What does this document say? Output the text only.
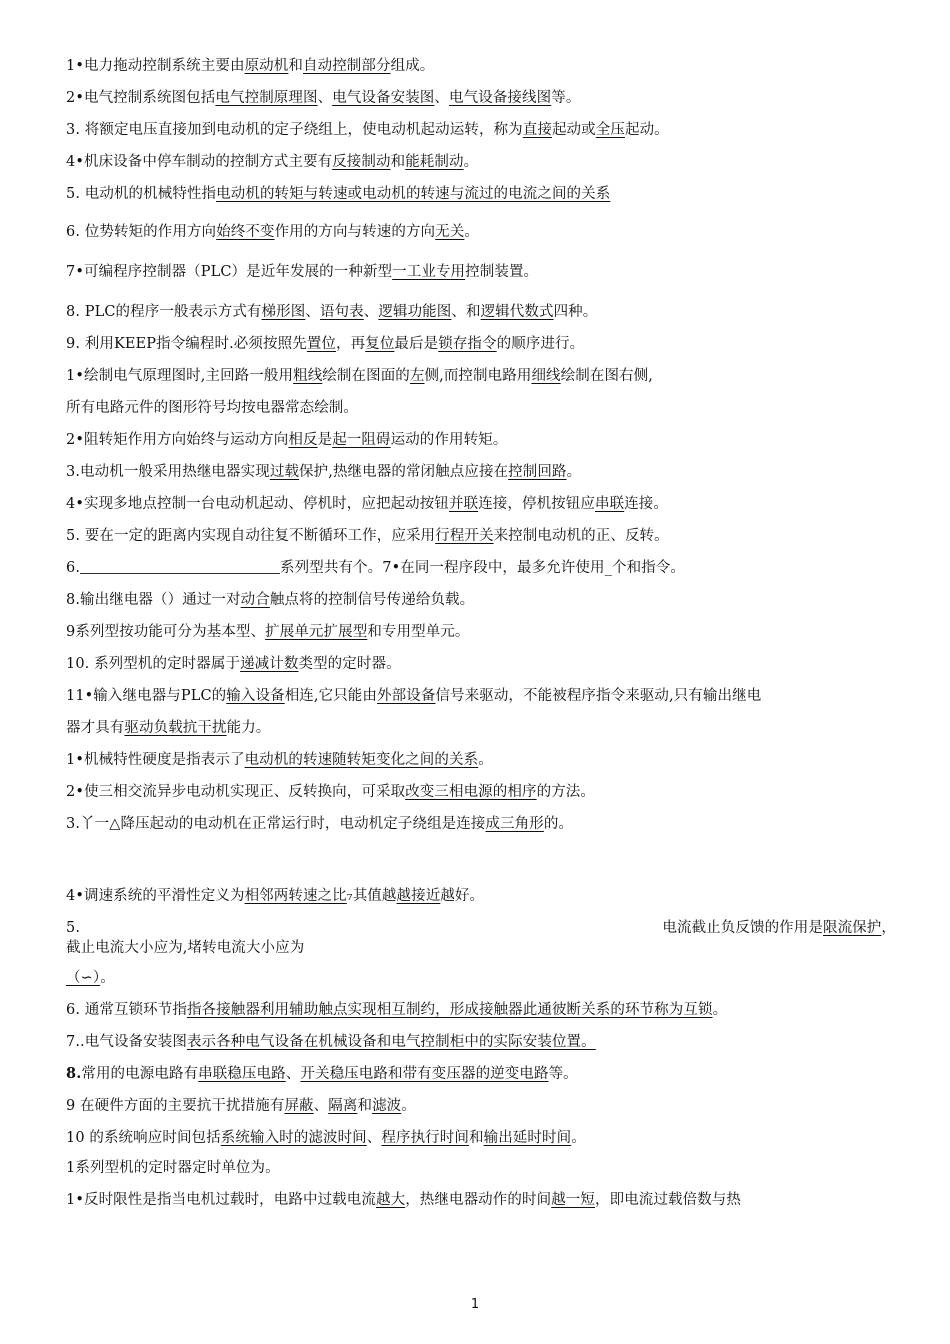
1•电力拖动控制系统主要由原动机和自动控制部分组成。
2•电气控制系统图包括电气控制原理图、电气设备安装图、电气设备接线图等。
3. 将额定电压直接加到电动机的定子绕组上，使电动机起动运转，称为直接起动或全压起动。
4•机床设备中停车制动的控制方式主要有反接制动和能耗制动。
5. 电动机的机械特性指电动机的转矩与转速或电动机的转速与流过的电流之间的关系
6. 位势转矩的作用方向始终不变作用的方向与转速的方向无关。
7•可编程序控制器（PLC）是近年发展的一种新型一工业专用控制装置。
8. PLC的程序一般表示方式有梯形图、语句表、逻辑功能图、和逻辑代数式四种。
9. 利用KEEP指令编程时.必须按照先置位，再复位最后是锁存指令的顺序进行。
1•绘制电气原理图时,主回路一般用粗线绘制在图面的左侧,而控制电路用细线绘制在图右侧,
所有电路元件的图形符号均按电器常态绘制。
2•阻转矩作用方向始终与运动方向相反是起一阻碍运动的作用转矩。
3.电动机一般采用热继电器实现过载保护,热继电器的常闭触点应接在控制回路。
4•实现多地点控制一台电动机起动、停机时，应把起动按钮并联连接，停机按钮应串联连接。
5. 要在一定的距离内实现自动往复不断循环工作，应采用行程开关来控制电动机的正、反转。
6.	系列型共有个。7•在同一程序段中，最多允许使用_个和指令。
8.输出继电器（）通过一对动合触点将的控制信号传递给负载。
9系列型按功能可分为基本型、扩展单元扩展型和专用型单元。
10. 系列型机的定时器属于递减计数类型的定时器。
11•输入继电器与PLC的输入设备相连,它只能由外部设备信号来驱动，不能被程序指令来驱动,只有输出继电
器才具有驱动负载抗干扰能力。
1•机械特性硬度是指表示了电动机的转速随转矩变化之间的关系。
2•使三相交流异步电动机实现正、反转换向，可采取改变三相电源的相序的方法。
3.丫一△降压起动的电动机在正常运行时，电动机定子绕组是连接成三角形的。
4•调速系统的平滑性定义为相邻两转速之比₇其值越越接近越好。
5.	电流截止负反馈的作用是限流保护，
截止电流大小应为,堵转电流大小应为
（∽）。
6. 通常互锁环节指指各接触器利用辅助触点实现相互制约，形成接触器此通彼断关系的环节称为互锁。
7..电气设备安装图表示各种电气设备在机械设备和电气控制柜中的实际安装位置。
8.常用的电源电路有串联稳压电路、开关稳压电路和带有变压器的逆变电路等。
9 在硬件方面的主要抗干扰措施有屏蔽、隔离和滤波。
10 的系统响应时间包括系统输入时的滤波时间、程序执行时间和输出延时时间。
1系列型机的定时器定时单位为。
1•反时限性是指当电机过载时，电路中过载电流越大，热继电器动作的时间越一短，即电流过载倍数与热
1
